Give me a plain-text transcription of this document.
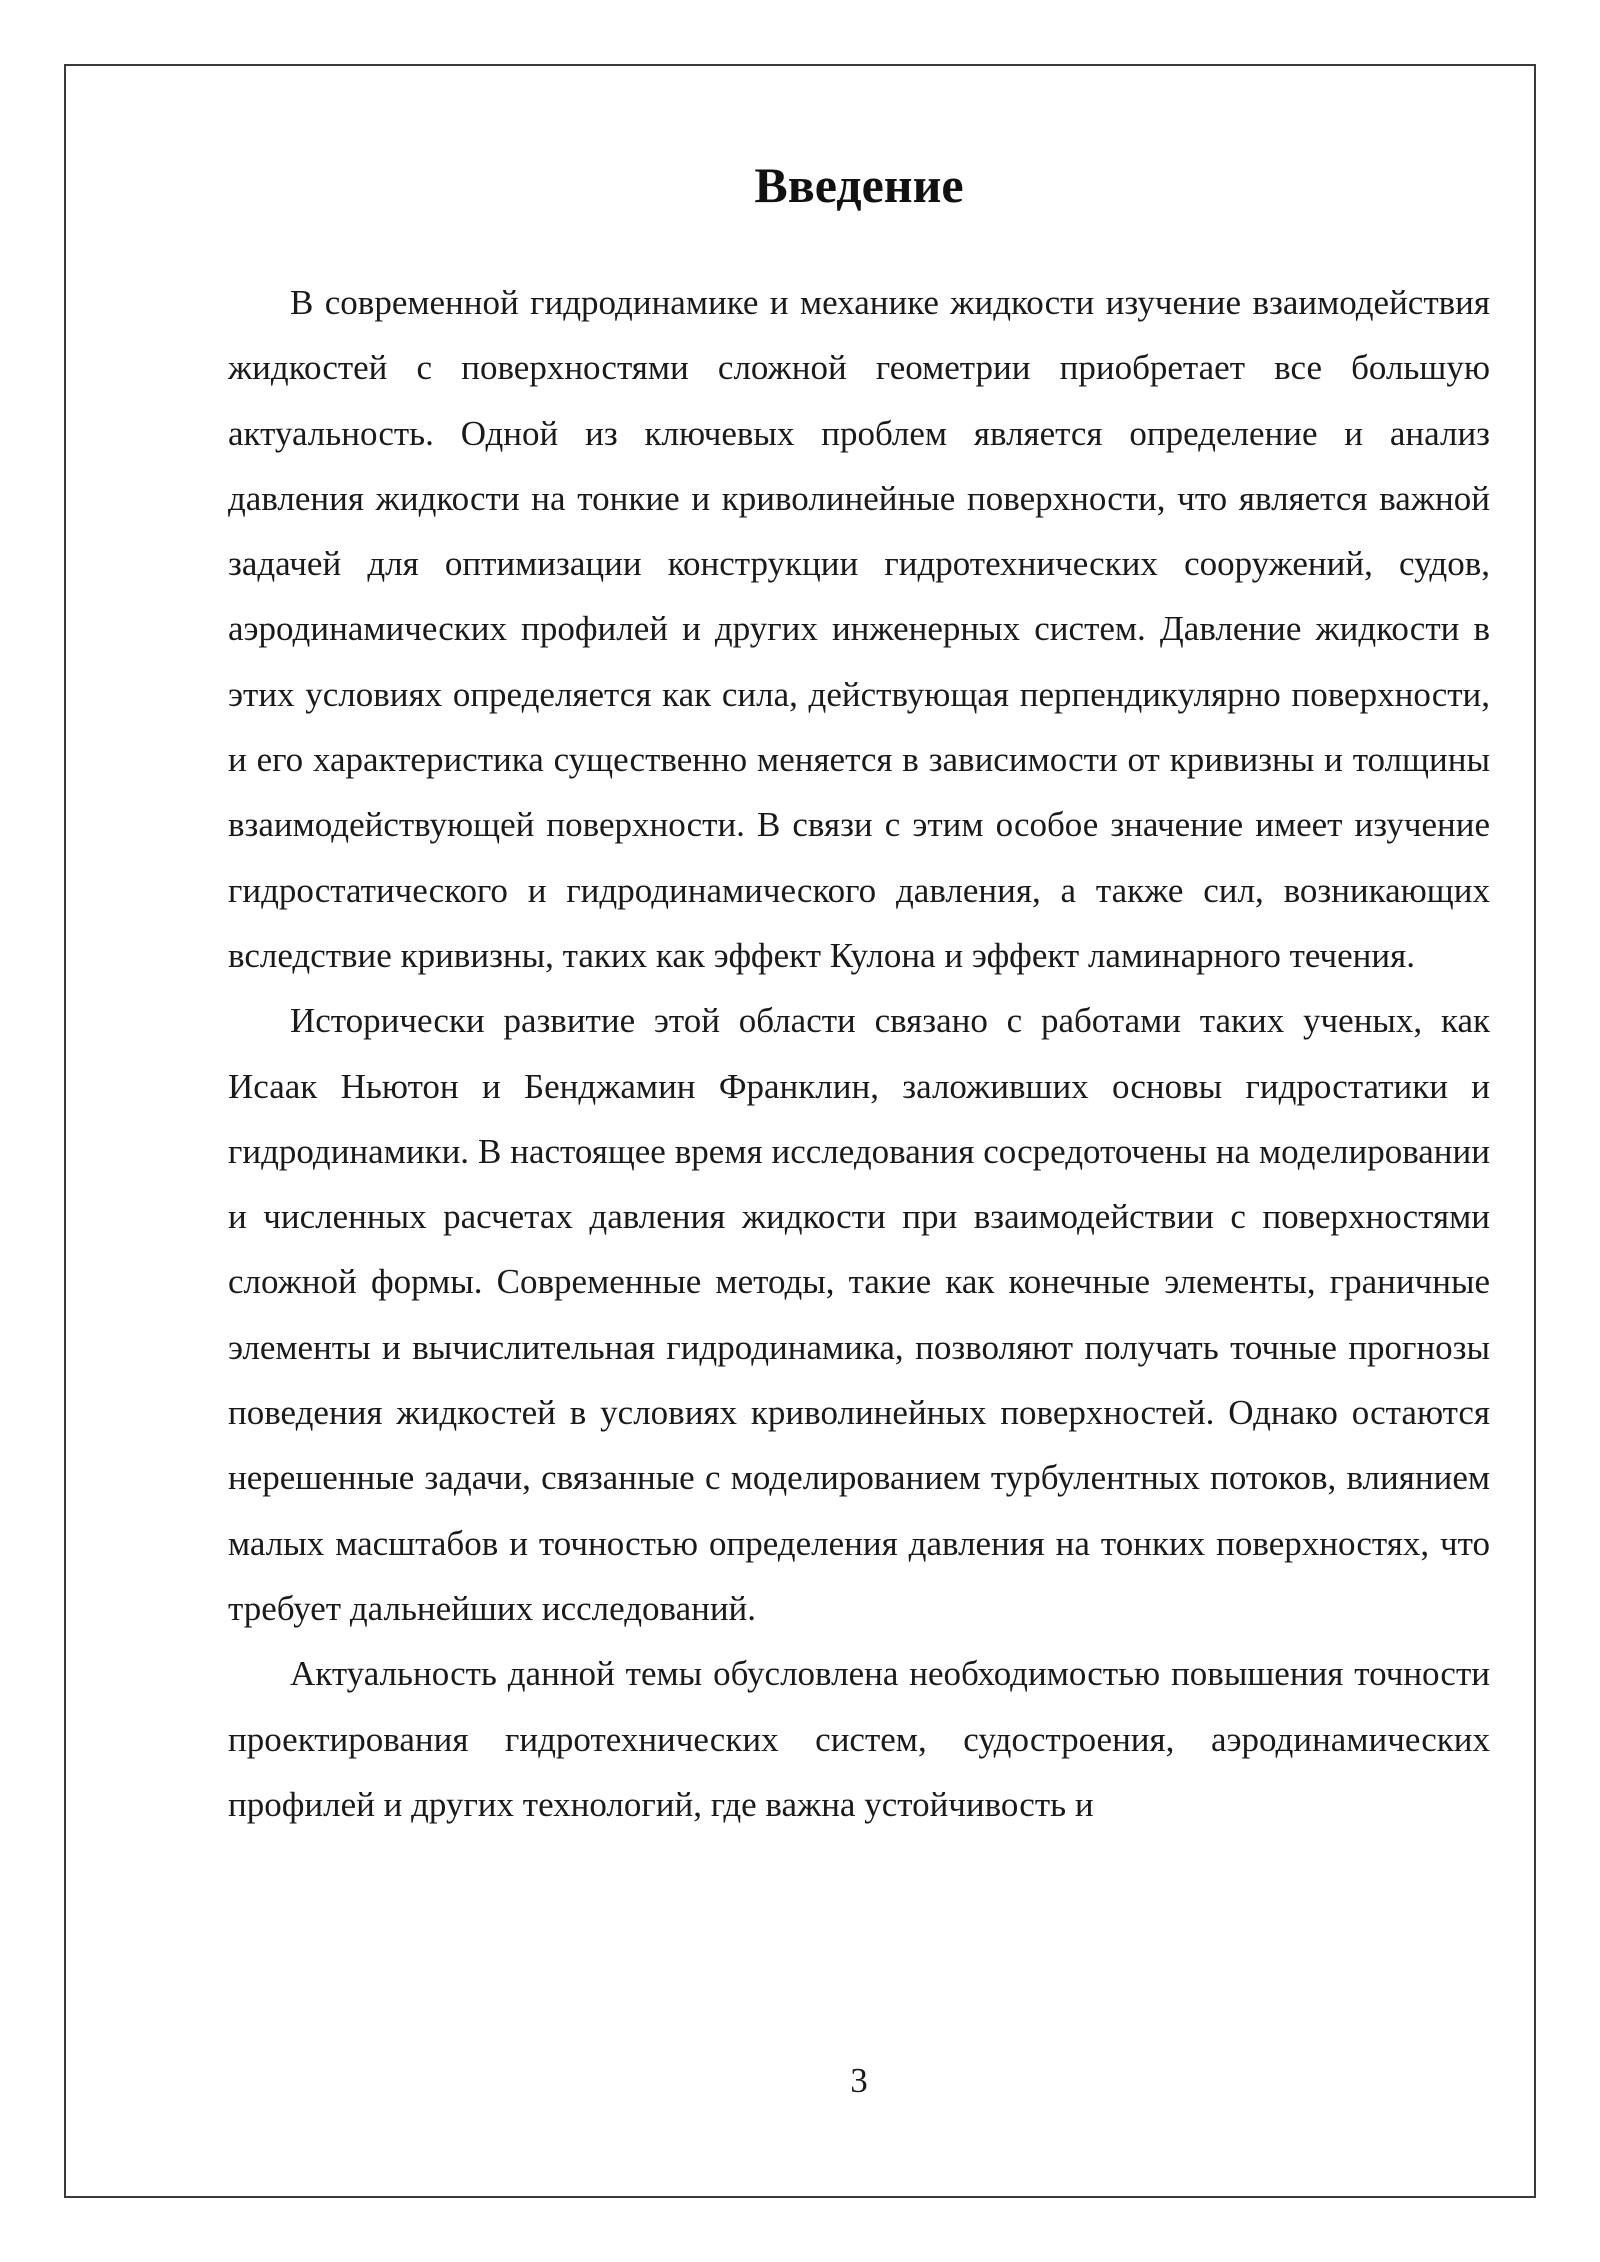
Введение

В современной гидродинамике и механике жидкости изучение взаимодействия жидкостей с поверхностями сложной геометрии приобретает все большую актуальность. Одной из ключевых проблем является определение и анализ давления жидкости на тонкие и криволинейные поверхности, что является важной задачей для оптимизации конструкции гидротехнических сооружений, судов, аэродинамических профилей и других инженерных систем. Давление жидкости в этих условиях определяется как сила, действующая перпендикулярно поверхности, и его характеристика существенно меняется в зависимости от кривизны и толщины взаимодействующей поверхности. В связи с этим особое значение имеет изучение гидростатического и гидродинамического давления, а также сил, возникающих вследствие кривизны, таких как эффект Кулона и эффект ламинарного течения.

Исторически развитие этой области связано с работами таких ученых, как Исаак Ньютон и Бенджамин Франклин, заложивших основы гидростатики и гидродинамики. В настоящее время исследования сосредоточены на моделировании и численных расчетах давления жидкости при взаимодействии с поверхностями сложной формы. Современные методы, такие как конечные элементы, граничные элементы и вычислительная гидродинамика, позволяют получать точные прогнозы поведения жидкостей в условиях криволинейных поверхностей. Однако остаются нерешенные задачи, связанные с моделированием турбулентных потоков, влиянием малых масштабов и точностью определения давления на тонких поверхностях, что требует дальнейших исследований.

Актуальность данной темы обусловлена необходимостью повышения точности проектирования гидротехнических систем, судостроения, аэродинамических профилей и других технологий, где важна устойчивость и

3
